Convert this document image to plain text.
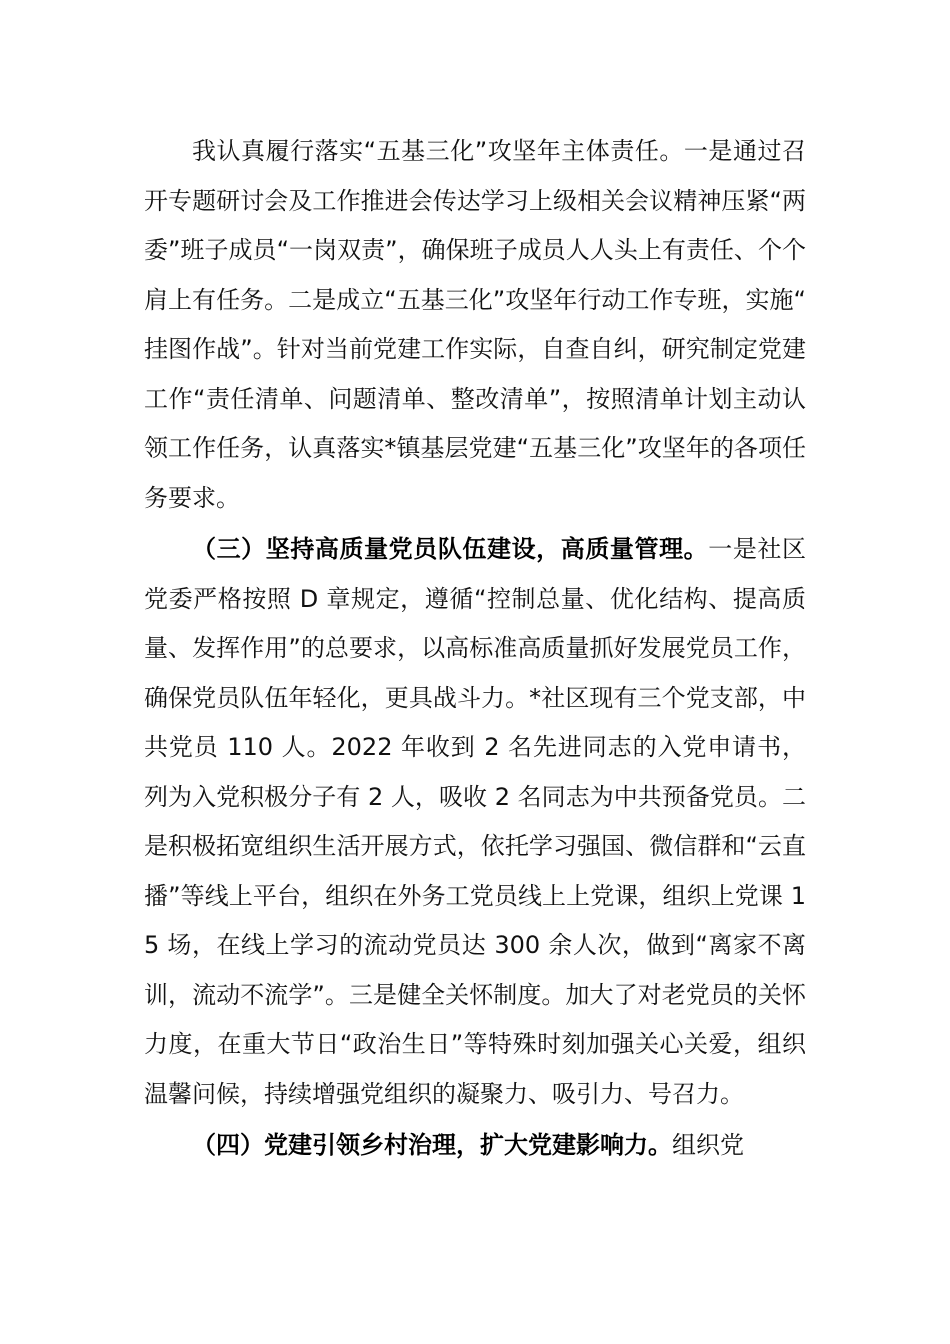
我认真履行落实“五基三化”攻坚年主体责任。一是通过召开专题研讨会及工作推进会传达学习上级相关会议精神压紧“两委”班子成员“一岗双责”，确保班子成员人人头上有责任、个个肩上有任务。二是成立“五基三化”攻坚年行动工作专班，实施“挂图作战”。针对当前党建工作实际，自查自纠，研究制定党建工作“责任清单、问题清单、整改清单”，按照清单计划主动认领工作任务，认真落实*镇基层党建“五基三化”攻坚年的各项任务要求。

（三）坚持高质量党员队伍建设，高质量管理。一是社区党委严格按照 D 章规定，遵循“控制总量、优化结构、提高质量、发挥作用”的总要求，以高标准高质量抓好发展党员工作，确保党员队伍年轻化，更具战斗力。*社区现有三个党支部，中共党员 110 人。2022 年收到 2 名先进同志的入党申请书，列为入党积极分子有 2 人，吸收 2 名同志为中共预备党员。二是积极拓宽组织生活开展方式，依托学习强国、微信群和“云直播”等线上平台，组织在外务工党员线上上党课，组织上党课 15 场，在线上学习的流动党员达 300 余人次，做到“离家不离训，流动不流学”。三是健全关怀制度。加大了对老党员的关怀力度，在重大节日“政治生日”等特殊时刻加强关心关爱，组织温馨问候，持续增强党组织的凝聚力、吸引力、号召力。

（四）党建引领乡村治理，扩大党建影响力。组织党
